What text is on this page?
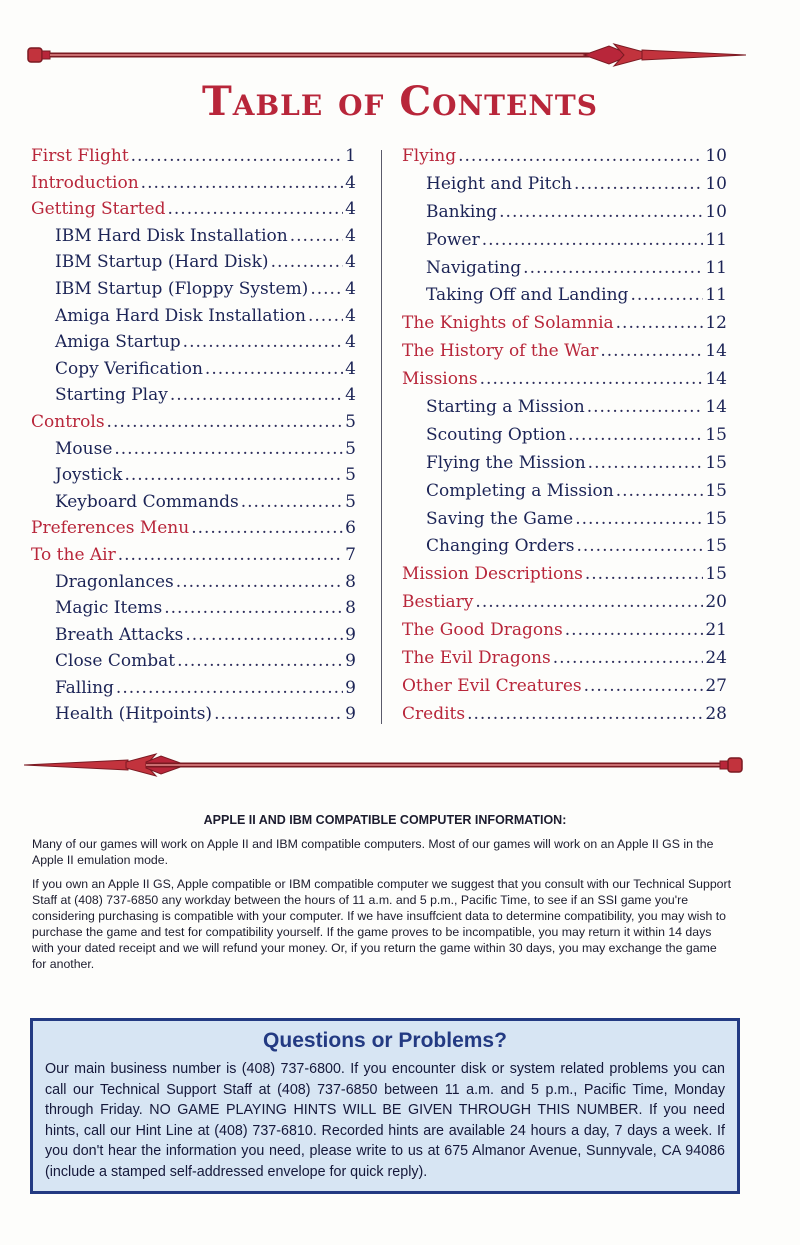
Table of Contents
First Flight .....	1
Introduction .....	4
Getting Started .....	4
IBM Hard Disk Installation .....	4
IBM Startup (Hard Disk) .....	4
IBM Startup (Floppy System) ..... 4
Amiga Hard Disk Installation ..... 4
Amiga Startup .....	4
Copy Verification .....	4
Starting Play .....	4
Controls .....	5
Mouse .....	5
Joystick .....	5
Keyboard Commands .....	5
Preferences Menu .....	6
To the Air .....	7
Dragonlances .....	8
Magic Items .....	8
Breath Attacks .....	9
Close Combat .....	9
Falling .....	9
Health (Hitpoints) .....	9
Flying .....	10
Height and Pitch .....	10
Banking .....	10
Power .....	11
Navigating .....	11
Taking Off and Landing .....	11
The Knights of Solamnia .....	12
The History of the War .....	14
Missions .....	14
Starting a Mission .....	14
Scouting Option .....	15
Flying the Mission .....	15
Completing a Mission .....	15
Saving the Game .....	15
Changing Orders .....	15
Mission Descriptions .....	15
Bestiary .....	20
The Good Dragons .....	21
The Evil Dragons .....	24
Other Evil Creatures .....	27
Credits .....	28
APPLE II AND IBM COMPATIBLE COMPUTER INFORMATION:
Many of our games will work on Apple II and IBM compatible computers. Most of our games will work on an Apple II GS in the Apple II emulation mode.
If you own an Apple II GS, Apple compatible or IBM compatible computer we suggest that you consult with our Technical Support Staff at (408) 737-6850 any workday between the hours of 11 a.m. and 5 p.m., Pacific Time, to see if an SSI game you're considering purchasing is compatible with your computer. If we have insuffcient data to determine compatibility, you may wish to purchase the game and test for compatibility yourself. If the game proves to be incompatible, you may return it within 14 days with your dated receipt and we will refund your money. Or, if you return the game within 30 days, you may exchange the game for another.
Questions or Problems?

Our main business number is (408) 737-6800. If you encounter disk or system related problems you can call our Technical Support Staff at (408) 737-6850 between 11 a.m. and 5 p.m., Pacific Time, Monday through Friday. NO GAME PLAYING HINTS WILL BE GIVEN THROUGH THIS NUMBER. If you need hints, call our Hint Line at (408) 737-6810. Recorded hints are available 24 hours a day, 7 days a week. If you don't hear the information you need, please write to us at 675 Almanor Avenue, Sunnyvale, CA 94086 (include a stamped self-addressed envelope for quick reply).
